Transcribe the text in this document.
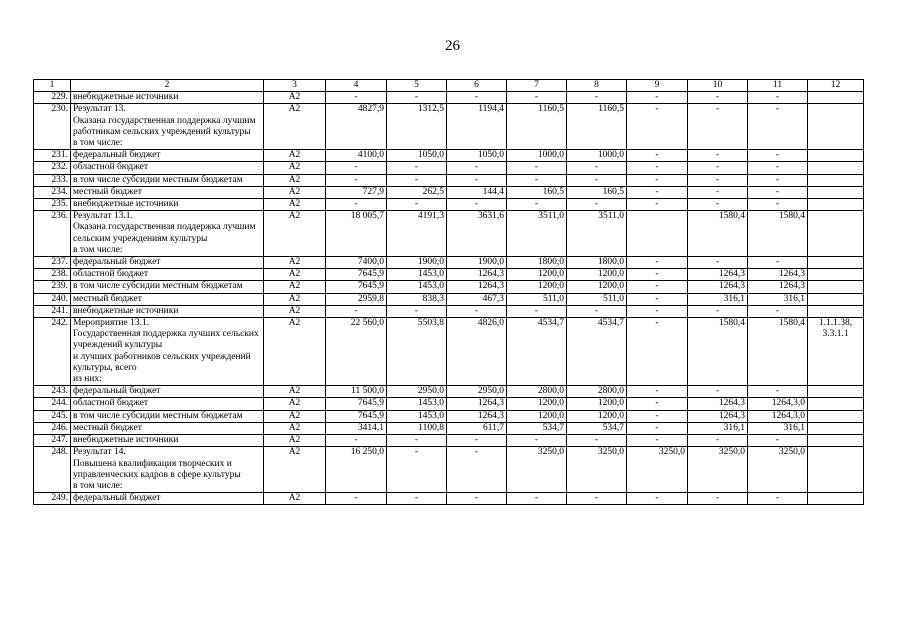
26
1	2	3	4	5	6	7	8	9	10	11	12
229.	внебюджетные источники	А2	-	-	-	-	-	-	-	-	
230.	Результат 13.
Оказана государственная поддержка лучшим работникам сельских учреждений культуры
в том числе:	А2	4827,9	1312,5	1194,4	1160,5	1160,5	-	-	-	
231.	федеральный бюджет	А2	4100,0	1050,0	1050,0	1000,0	1000,0	-	-	-	
232.	областной бюджет	А2	-	-	-	-	-	-	-	-	
233.	в том числе субсидии местным бюджетам	А2	-	-	-	-	-	-	-	-	
234.	местный бюджет	А2	727,9	262,5	144,4	160,5	160,5	-	-	-	
235.	внебюджетные источники	А2	-	-	-	-	-	-	-	-	
236.	Результат 13.1.
Оказана государственная поддержка лучшим сельским учреждениям культуры
в том числе:	А2	18 005,7	4191,3	3631,6	3511,0	3511,0		1580,4	1580,4	
237.	федеральный бюджет	А2	7400,0	1900,0	1900,0	1800,0	1800,0	-	-	-	
238.	областной бюджет	А2	7645,9	1453,0	1264,3	1200,0	1200,0	-	1264,3	1264,3	
239.	в том числе субсидии местным бюджетам	А2	7645,9	1453,0	1264,3	1200,0	1200,0	-	1264,3	1264,3	
240.	местный бюджет	А2	2959,8	838,3	467,3	511,0	511,0	-	316,1	316,1	
241.	внебюджетные источники	А2	-	-	-	-	-	-	-	-	
242.	Мероприятие 13.1.
Государственная поддержка лучших сельских учреждений культуры
и лучших работников сельских учреждений культуры, всего
из них:	А2	22 560,0	5503,8	4826,0	4534,7	4534,7	-	1580,4	1580,4	1.1.1.38,
3.3.1.1
243.	федеральный бюджет	А2	11 500,0	2950,0	2950,0	2800,0	2800,0	-	-	-	
244.	областной бюджет	А2	7645,9	1453,0	1264,3	1200,0	1200,0	-	1264,3	1264,3,0	
245.	в том числе субсидии местным бюджетам	А2	7645,9	1453,0	1264,3	1200,0	1200,0	-	1264,3	1264,3,0	
246.	местный бюджет	А2	3414,1	1100,8	611,7	534,7	534,7	-	316,1	316,1	
247.	внебюджетные источники	А2	-	-	-	-	-	-	-	-	
248.	Результат 14.
Повышена квалификация творческих и управленческих кадров в сфере культуры
в том числе:	А2	16 250,0	-	-	3250,0	3250,0	3250,0	3250,0	3250,0	
249.	федеральный бюджет	А2	-	-	-	-	-	-	-	-	
